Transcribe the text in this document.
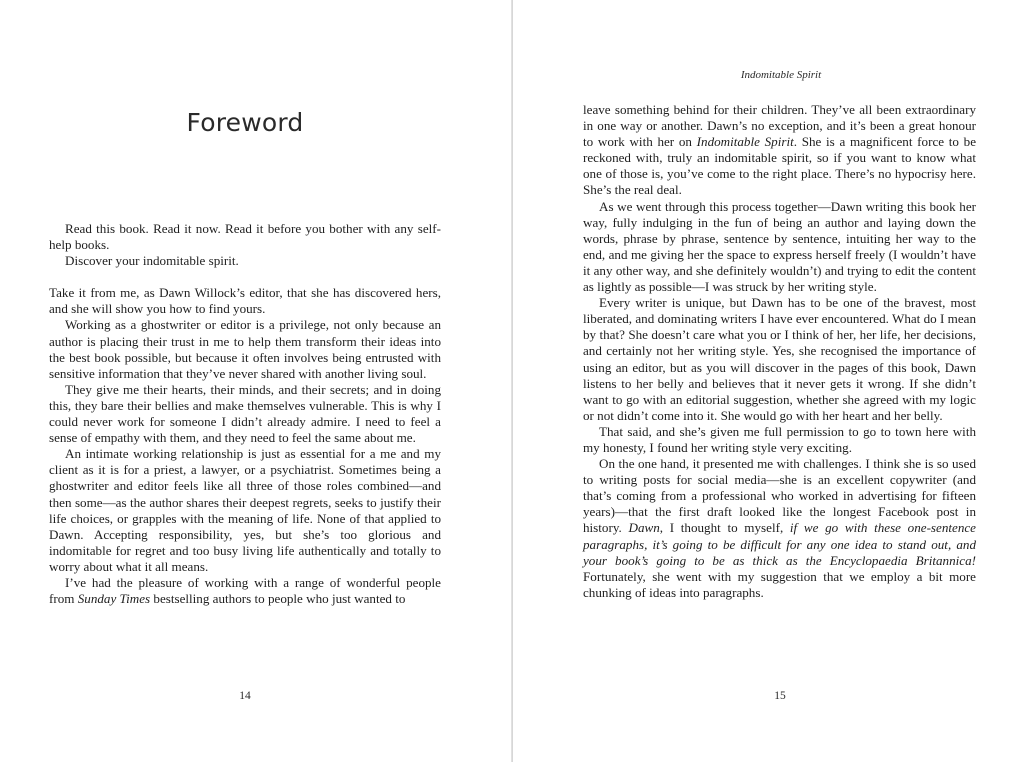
Foreword

Read this book. Read it now. Read it before you bother with any self-help books.

Discover your indomitable spirit.

Take it from me, as Dawn Willock’s editor, that she has discovered hers, and she will show you how to find yours.

Working as a ghostwriter or editor is a privilege, not only because an author is placing their trust in me to help them transform their ideas into the best book possible, but because it often involves being entrusted with sensitive information that they’ve never shared with another living soul.

They give me their hearts, their minds, and their secrets; and in doing this, they bare their bellies and make themselves vulnerable. This is why I could never work for someone I didn’t already admire. I need to feel a sense of empathy with them, and they need to feel the same about me.

An intimate working relationship is just as essential for a me and my client as it is for a priest, a lawyer, or a psychiatrist. Sometimes being a ghostwriter and editor feels like all three of those roles combined—and then some—as the author shares their deepest regrets, seeks to justify their life choices, or grapples with the meaning of life. None of that applied to Dawn. Accepting responsibility, yes, but she’s too glorious and indomitable for regret and too busy living life authentically and totally to worry about what it all means.

I’ve had the pleasure of working with a range of wonderful people from Sunday Times bestselling authors to people who just wanted to

14
Indomitable Spirit

leave something behind for their children. They’ve all been extraordinary in one way or another. Dawn’s no exception, and it’s been a great honour to work with her on Indomitable Spirit. She is a magnificent force to be reckoned with, truly an indomitable spirit, so if you want to know what one of those is, you’ve come to the right place. There’s no hypocrisy here. She’s the real deal.

As we went through this process together—Dawn writing this book her way, fully indulging in the fun of being an author and laying down the words, phrase by phrase, sentence by sentence, intuiting her way to the end, and me giving her the space to express herself freely (I wouldn’t have it any other way, and she definitely wouldn’t) and trying to edit the content as lightly as possible—I was struck by her writing style.

Every writer is unique, but Dawn has to be one of the bravest, most liberated, and dominating writers I have ever encountered. What do I mean by that? She doesn’t care what you or I think of her, her life, her decisions, and certainly not her writing style. Yes, she recognised the importance of using an editor, but as you will discover in the pages of this book, Dawn listens to her belly and believes that it never gets it wrong. If she didn’t want to go with an editorial suggestion, whether she agreed with my logic or not didn’t come into it. She would go with her heart and her belly.

That said, and she’s given me full permission to go to town here with my honesty, I found her writing style very exciting.

On the one hand, it presented me with challenges. I think she is so used to writing posts for social media—she is an excellent copywriter (and that’s coming from a professional who worked in advertising for fifteen years)—that the first draft looked like the longest Facebook post in history. Dawn, I thought to myself, if we go with these one-sentence paragraphs, it’s going to be difficult for any one idea to stand out, and your book’s going to be as thick as the Encyclopaedia Britannica! Fortunately, she went with my suggestion that we employ a bit more chunking of ideas into paragraphs.

15
